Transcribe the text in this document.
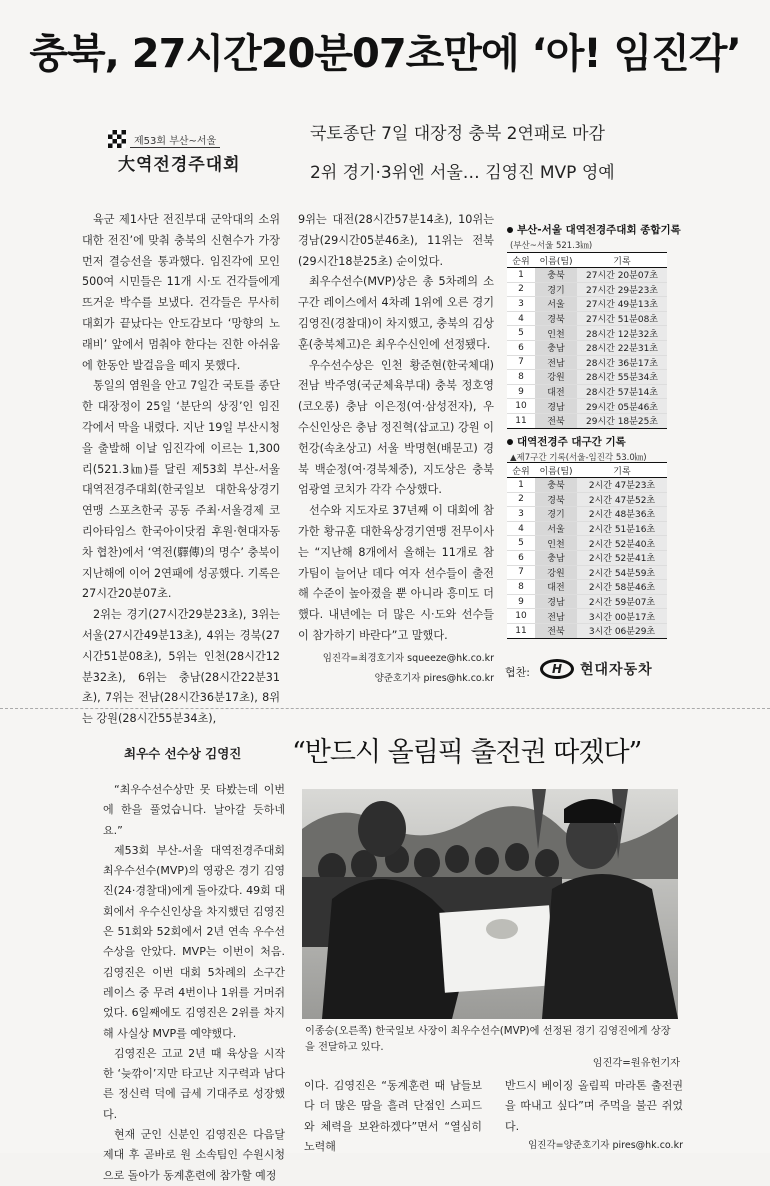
충북, 27시간20분07초만에 ‘아! 임진각’
제53회 부산~서울
大역전경주대회
국토종단 7일 대장정 충북 2연패로 마감
2위 경기·3위엔 서울… 김영진 MVP 영예

육군 제1사단 전진부대 군악대의 소위대한 전진’에 맞춰 충북의 신현수가 가장 먼저 결승선을 통과했다. 임진각에 모인 500여 시민들은 11개 시·도 건각들에게 뜨거운 박수를 보냈다. 건각들은 무사히 대회가 끝났다는 안도감보다 ‘망향의 노래비’ 앞에서 멈춰야 한다는 진한 아쉬움에 한동안 발걸음을 떼지 못했다.

통일의 염원을 안고 7일간 국토를 종단한 대장정이 25일 ‘분단의 상징’인 임진각에서 막을 내렸다. 지난 19일 부산시청을 출발해 이날 임진각에 이르는 1,300리(521.3㎞)를 달린 제53회 부산-서울 대역전경주대회(한국일보 대한육상경기연맹 스포츠한국 공동 주최·서울경제 코리아타임스 한국아이닷컴 후원·현대자동차 협찬)에서 ‘역전(驛傳)의 명수’ 충북이 지난해에 이어 2연패에 성공했다. 기록은 27시간20분07초.

2위는 경기(27시간29분23초), 3위는 서울(27시간49분13초), 4위는 경북(27시간51분08초), 5위는 인천(28시간12분32초), 6위는 충남(28시간22분31초), 7위는 전남(28시간36분17초), 8위는 강원(28시간55분34초),

9위는 대전(28시간57분14초), 10위는 경남(29시간05분46초), 11위는 전북(29시간18분25초) 순이었다.

최우수선수(MVP)상은 총 5차례의 소구간 레이스에서 4차례 1위에 오른 경기 김영진(경찰대)이 차지했고, 충북의 김상훈(충북체고)은 최우수신인에 선정됐다.

우수선수상은 인천 황준현(한국체대) 전남 박주영(국군체육부대) 충북 정호영(코오롱) 충남 이은정(여·삼성전자), 우수신인상은 충남 정진혁(삽교고) 강원 이헌강(속초상고) 서울 박명현(배문고) 경북 백순정(여·경북체중), 지도상은 충북 엄광열 코치가 각각 수상했다.

선수와 지도자로 37년째 이 대회에 참가한 황규훈 대한육상경기연맹 전무이사는 “지난해 8개에서 올해는 11개로 참가팀이 늘어난 데다 여자 선수들이 출전해 수준이 높아졌을 뿐 아니라 흥미도 더했다. 내년에는 더 많은 시·도와 선수들이 참가하기 바란다”고 말했다.

임진각=최경호기자 squeeze@hk.co.kr
양준호기자 pires@hk.co.kr
부산-서울 대역전경주대회 종합기록
(부산~서울 521.3㎞)
순위	이름(팀)	기록
1	충북	27시간 20분07초
2	경기	27시간 29분23초
3	서울	27시간 49분13초
4	경북	27시간 51분08초
5	인천	28시간 12분32초
6	충남	28시간 22분31초
7	전남	28시간 36분17초
8	강원	28시간 55분34초
9	대전	28시간 57분14초
10	경남	29시간 05분46초
11	전북	29시간 18분25초
대역전경주 대구간 기록
▲제7구간 기록(서울-임진각 53.0㎞)
순위	이름(팀)	기록
1	충북	2시간 47분23초
2	경북	2시간 47분52초
3	경기	2시간 48분36초
4	서울	2시간 51분16초
5	인천	2시간 52분40초
6	충남	2시간 52분41초
7	강원	2시간 54분59초
8	대전	2시간 58분46초
9	경남	2시간 59분07초
10	전남	3시간 00분17초
11	전북	3시간 06분29초
협찬:	H	현대자동차
최우수 선수상 김영진 “반드시 올림픽 출전권 따겠다”

“최우수선수상만 못 타봤는데 이번에 한을 풀었습니다. 날아갈 듯하네요.”

제53회 부산-서울 대역전경주대회 최우수선수(MVP)의 영광은 경기 김영진(24·경찰대)에게 돌아갔다. 49회 대회에서 우수신인상을 차지했던 김영진은 51회와 52회에서 2년 연속 우수선수상을 안았다. MVP는 이번이 처음. 김영진은 이번 대회 5차례의 소구간 레이스 중 무려 4번이나 1위를 거머쥐었다. 6일째에도 김영진은 2위를 차지해 사실상 MVP를 예약했다.

김영진은 고교 2년 때 육상을 시작한 ‘늦깎이’지만 타고난 지구력과 남다른 정신력 덕에 급세 기대주로 성장했다.

현재 군인 신분인 김영진은 다음달 제대 후 곧바로 원 소속팀인 수원시청으로 돌아가 동계훈련에 참가할 예정

이종승(오른쪽) 한국일보 사장이 최우수선수(MVP)에 선정된 경기 김영진에게 상장을 전달하고 있다.
임진각=원유헌기자

이다. 김영진은 “동계훈련 때 남들보다 더 많은 땀을 흘려 단점인 스피드와 체력을 보완하겠다”면서 “열심히 노력해

반드시 베이징 올림픽 마라톤 출전권을 따내고 싶다”며 주먹을 불끈 쥐었다.

임진각=양준호기자 pires@hk.co.kr
